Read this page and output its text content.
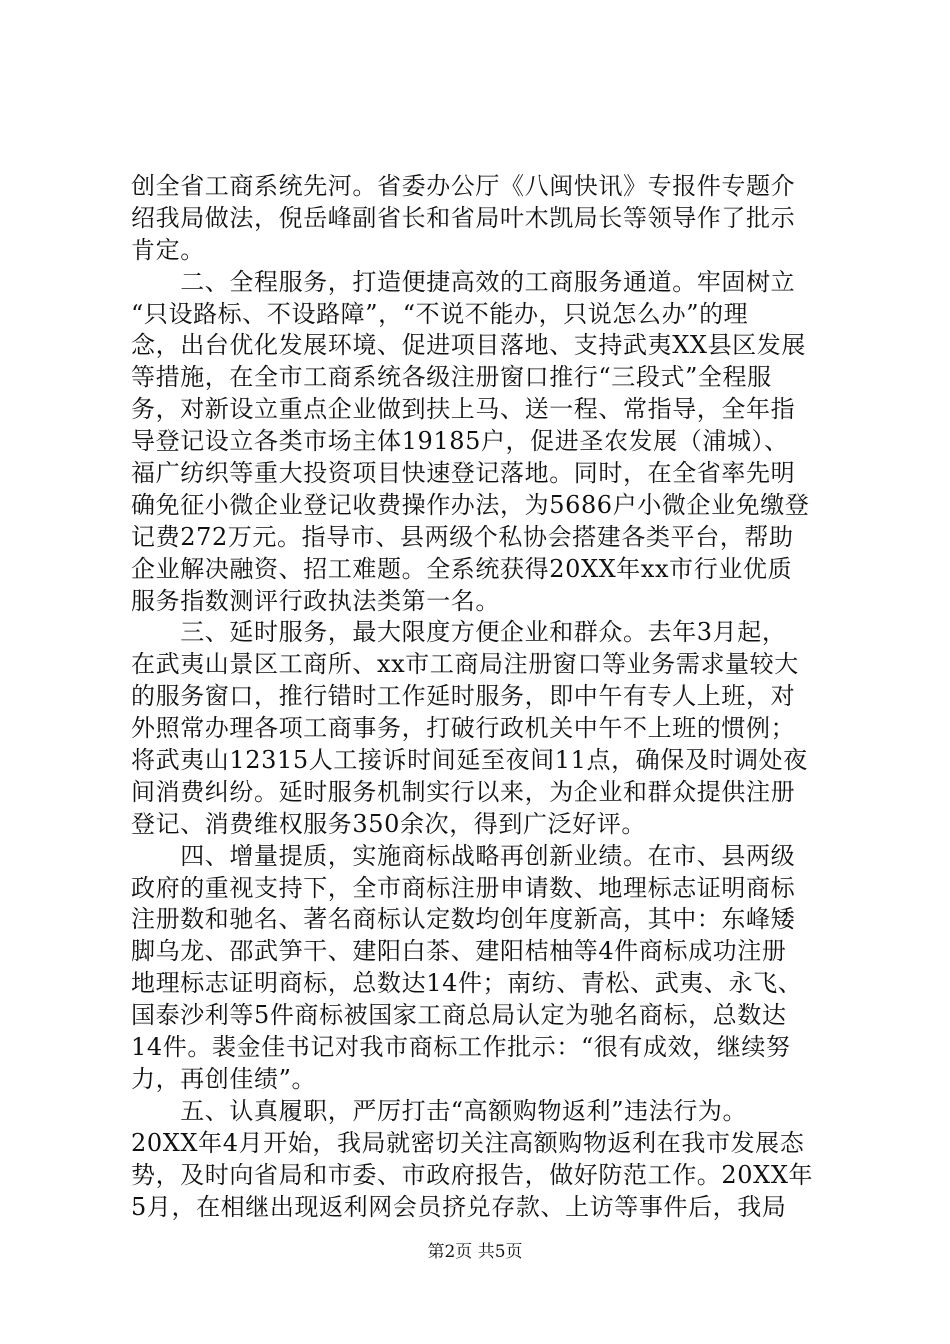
创全省工商系统先河。省委办公厅《八闽快讯》专报件专题介
绍我局做法，倪岳峰副省长和省局叶木凯局长等领导作了批示
肯定。
　　二、全程服务，打造便捷高效的工商服务通道。牢固树立
“只设路标、不设路障”，“不说不能办，只说怎么办”的理
念，出台优化发展环境、促进项目落地、支持武夷XX县区发展
等措施，在全市工商系统各级注册窗口推行“三段式”全程服
务，对新设立重点企业做到扶上马、送一程、常指导，全年指
导登记设立各类市场主体19185户，促进圣农发展（浦城）、
福广纺织等重大投资项目快速登记落地。同时，在全省率先明
确免征小微企业登记收费操作办法，为5686户小微企业免缴登
记费272万元。指导市、县两级个私协会搭建各类平台，帮助
企业解决融资、招工难题。全系统获得20XX年xx市行业优质
服务指数测评行政执法类第一名。
　　三、延时服务，最大限度方便企业和群众。去年3月起，
在武夷山景区工商所、xx市工商局注册窗口等业务需求量较大
的服务窗口，推行错时工作延时服务，即中午有专人上班，对
外照常办理各项工商事务，打破行政机关中午不上班的惯例；
将武夷山12315人工接诉时间延至夜间11点，确保及时调处夜
间消费纠纷。延时服务机制实行以来，为企业和群众提供注册
登记、消费维权服务350余次，得到广泛好评。
　　四、增量提质，实施商标战略再创新业绩。在市、县两级
政府的重视支持下，全市商标注册申请数、地理标志证明商标
注册数和驰名、著名商标认定数均创年度新高，其中：东峰矮
脚乌龙、邵武笋干、建阳白茶、建阳桔柚等4件商标成功注册
地理标志证明商标，总数达14件；南纺、青松、武夷、永飞、
国泰沙利等5件商标被国家工商总局认定为驰名商标，总数达
14件。裴金佳书记对我市商标工作批示：“很有成效，继续努
力，再创佳绩”。
　　五、认真履职，严厉打击“高额购物返利”违法行为。
20XX年4月开始，我局就密切关注高额购物返利在我市发展态
势，及时向省局和市委、市政府报告，做好防范工作。20XX年
5月，在相继出现返利网会员挤兑存款、上访等事件后，我局
第2页 共5页
